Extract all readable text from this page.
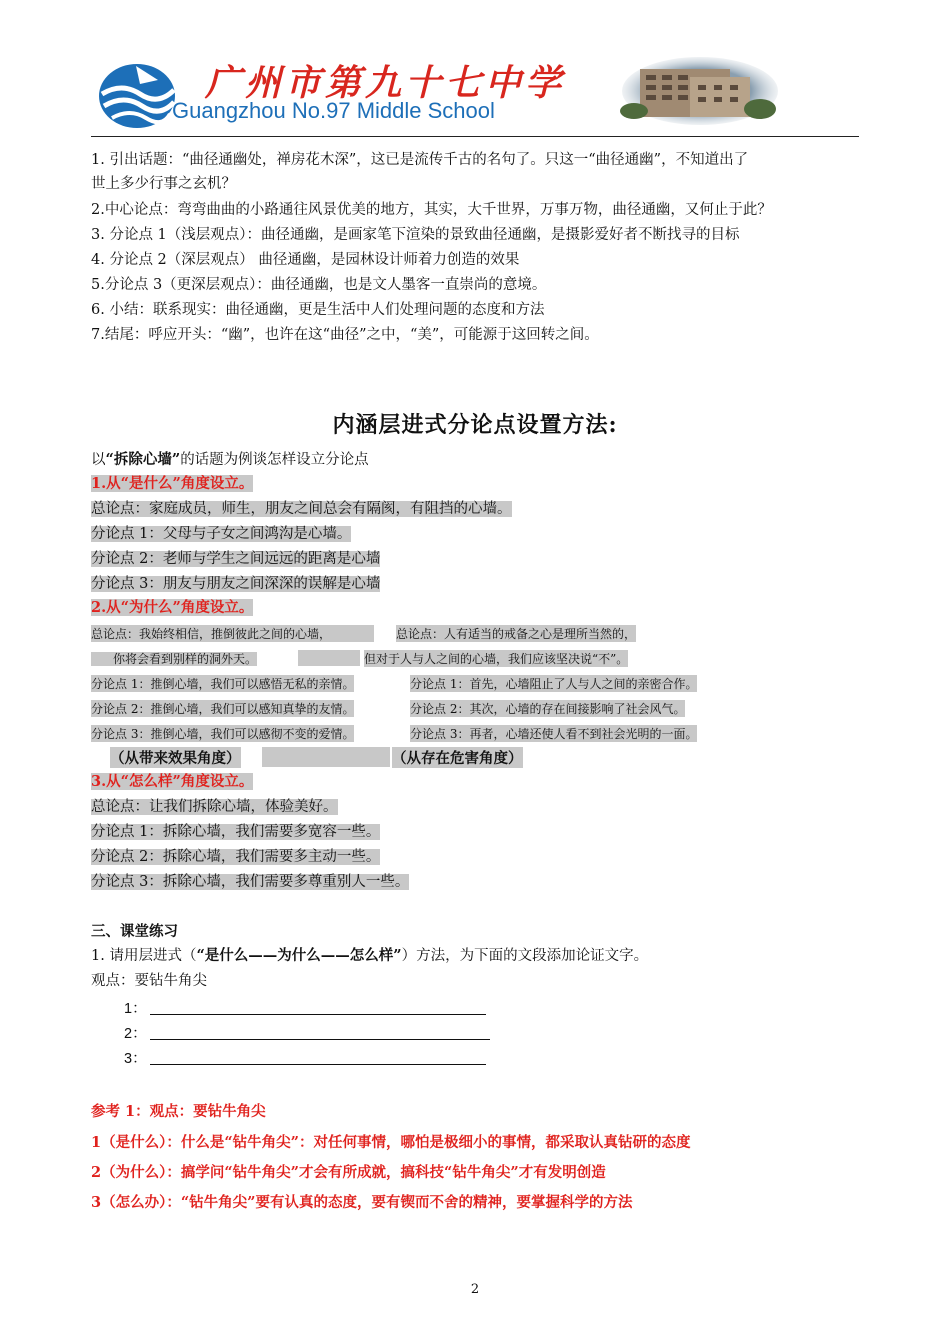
广州市第九十七中学
Guangzhou No.97 Middle School
1. 引出话题：“曲径通幽处，禅房花木深”，这已是流传千古的名句了。只这一“曲径通幽”，不知道出了
世上多少行事之玄机？
2.中心论点：弯弯曲曲的小路通往风景优美的地方，其实，大千世界，万事万物，曲径通幽，又何止于此？
3. 分论点 1（浅层观点）：曲径通幽，是画家笔下渲染的景致曲径通幽，是摄影爱好者不断找寻的目标
4. 分论点 2（深层观点） 曲径通幽，是园林设计师着力创造的效果
5.分论点 3（更深层观点）：曲径通幽，也是文人墨客一直崇尚的意境。
6. 小结：联系现实：曲径通幽，更是生活中人们处理问题的态度和方法
7.结尾：呼应开头：“幽”，也许在这“曲径”之中，“美”，可能源于这回转之间。
内涵层进式分论点设置方法:
以“拆除心墙”的话题为例谈怎样设立分论点
1.从“是什么”角度设立。
总论点：家庭成员，师生，朋友之间总会有隔阂，有阻挡的心墙。
分论点 1：父母与子女之间鸿沟是心墙。
分论点 2：老师与学生之间远远的距离是心墙
分论点 3：朋友与朋友之间深深的误解是心墙
2.从“为什么”角度设立。
总论点：我始终相信，推倒彼此之间的心墙，	总论点：人有适当的戒备之心是理所当然的，
你将会看到别样的洞外天。	但对于人与人之间的心墙，我们应该坚决说“不”。
分论点 1：推倒心墙，我们可以感悟无私的亲情。	分论点 1：首先，心墙阻止了人与人之间的亲密合作。
分论点 2：推倒心墙，我们可以感知真挚的友情。	分论点 2：其次，心墙的存在间接影响了社会风气。
分论点 3：推倒心墙，我们可以感彻不变的爱情。	分论点 3：再者，心墙还使人看不到社会光明的一面。
（从带来效果角度）	（从存在危害角度）
3.从“怎么样”角度设立。
总论点：让我们拆除心墙，体验美好。
分论点 1：拆除心墙，我们需要多宽容一些。
分论点 2：拆除心墙，我们需要多主动一些。
分论点 3：拆除心墙，我们需要多尊重别人一些。
三、课堂练习
1. 请用层进式（“是什么——为什么——怎么样”）方法，为下面的文段添加论证文字。
观点：要钻牛角尖
1：
2：
3：
参考 1：观点：要钻牛角尖
1（是什么）：什么是“钻牛角尖”：对任何事情，哪怕是极细小的事情，都采取认真钻研的态度
2（为什么）：搞学问“钻牛角尖”才会有所成就，搞科技“钻牛角尖”才有发明创造
3（怎么办）：“钻牛角尖”要有认真的态度，要有锲而不舍的精神，要掌握科学的方法
2
